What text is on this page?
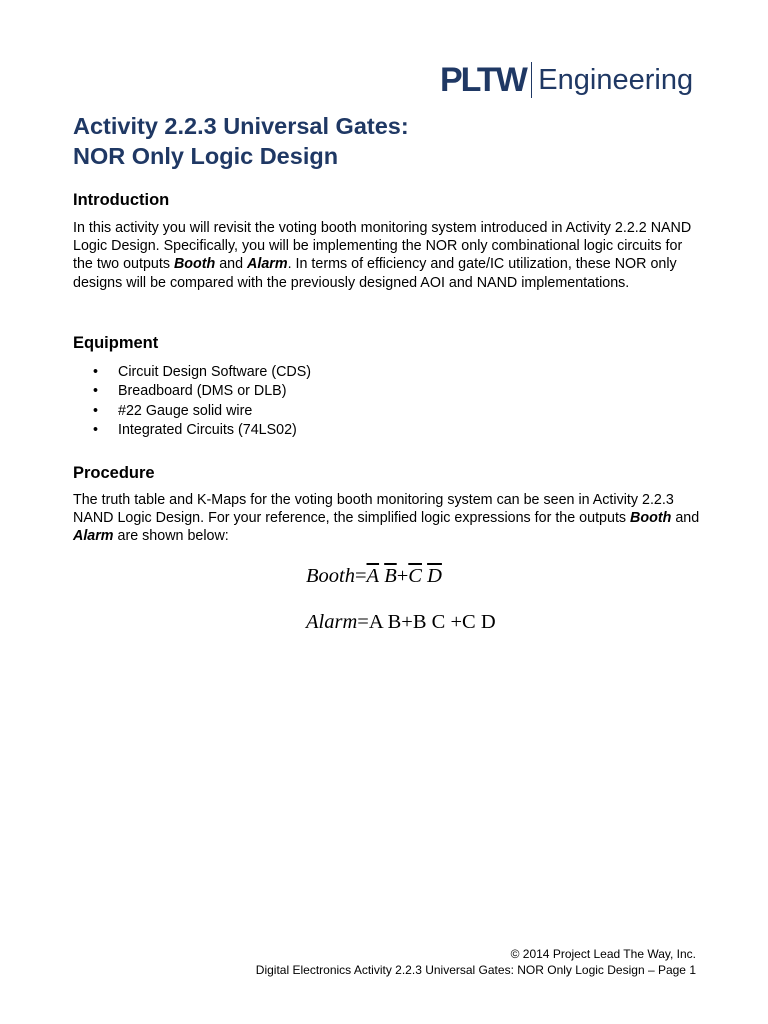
PLTW Engineering
Activity 2.2.3 Universal Gates:
NOR Only Logic Design
Introduction

In this activity you will revisit the voting booth monitoring system introduced in Activity 2.2.2 NAND Logic Design. Specifically, you will be implementing the NOR only combinational logic circuits for the two outputs Booth and Alarm. In terms of efficiency and gate/IC utilization, these NOR only designs will be compared with the previously designed AOI and NAND implementations.

Equipment
• Circuit Design Software (CDS)
• Breadboard (DMS or DLB)
• #22 Gauge solid wire
• Integrated Circuits (74LS02)
Procedure

The truth table and K-Maps for the voting booth monitoring system can be seen in Activity 2.2.3 NAND Logic Design. For your reference, the simplified logic expressions for the outputs Booth and Alarm are shown below:

$Booth=\overline{A}$ $\overline{B}+\overline{C}$ $\overline{D}$
Alarm=A B+B C +C D
© 2014 Project Lead The Way, Inc.
Digital Electronics Activity 2.2.3 Universal Gates: NOR Only Logic Design – Page 1
